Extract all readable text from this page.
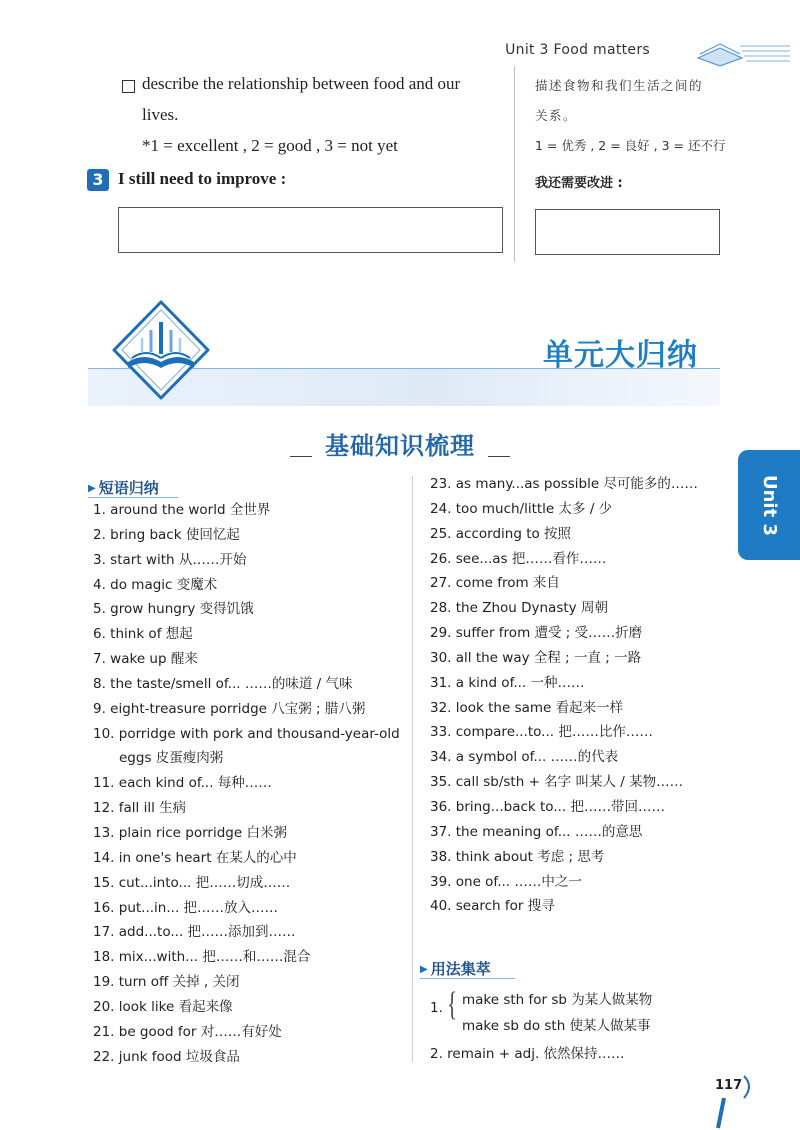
Unit 3 Food matters
describe the relationship between food and our
lives.
*1 = excellent , 2 = good , 3 = not yet
描述食物和我们生活之间的
关系。
1 = 优秀 , 2 = 良好 , 3 = 还不行
3 I still need to improve :	我还需要改进 :
单元大归纳
基础知识梳理
Unit 3
▶ 短语归纳
1. around the world 全世界
2. bring back 使回忆起
3. start with 从……开始
4. do magic 变魔术
5. grow hungry 变得饥饿
6. think of 想起
7. wake up 醒来
8. the taste/smell of... ……的味道 / 气味
9. eight-treasure porridge 八宝粥 ; 腊八粥
10. porridge with pork and thousand-year-old
eggs 皮蛋瘦肉粥
11. each kind of... 每种……
12. fall ill 生病
13. plain rice porridge 白米粥
14. in one's heart 在某人的心中
15. cut...into... 把……切成……
16. put...in... 把……放入……
17. add...to... 把……添加到……
18. mix...with... 把……和……混合
19. turn off 关掉 , 关闭
20. look like 看起来像
21. be good for 对……有好处
22. junk food 垃圾食品
23. as many...as possible 尽可能多的……
24. too much/little 太多 / 少
25. according to 按照
26. see...as 把……看作……
27. come from 来自
28. the Zhou Dynasty 周朝
29. suffer from 遭受 ; 受……折磨
30. all the way 全程 ; 一直 ; 一路
31. a kind of... 一种……
32. look the same 看起来一样
33. compare...to... 把……比作……
34. a symbol of... ……的代表
35. call sb/sth + 名字 叫某人 / 某物……
36. bring...back to... 把……带回……
37. the meaning of... ……的意思
38. think about 考虑 ; 思考
39. one of... ……中之一
40. search for 搜寻
▶ 用法集萃
1. { make sth for sb 为某人做某物
make sb do sth 使某人做某事
2. remain + adj. 依然保持……
117
